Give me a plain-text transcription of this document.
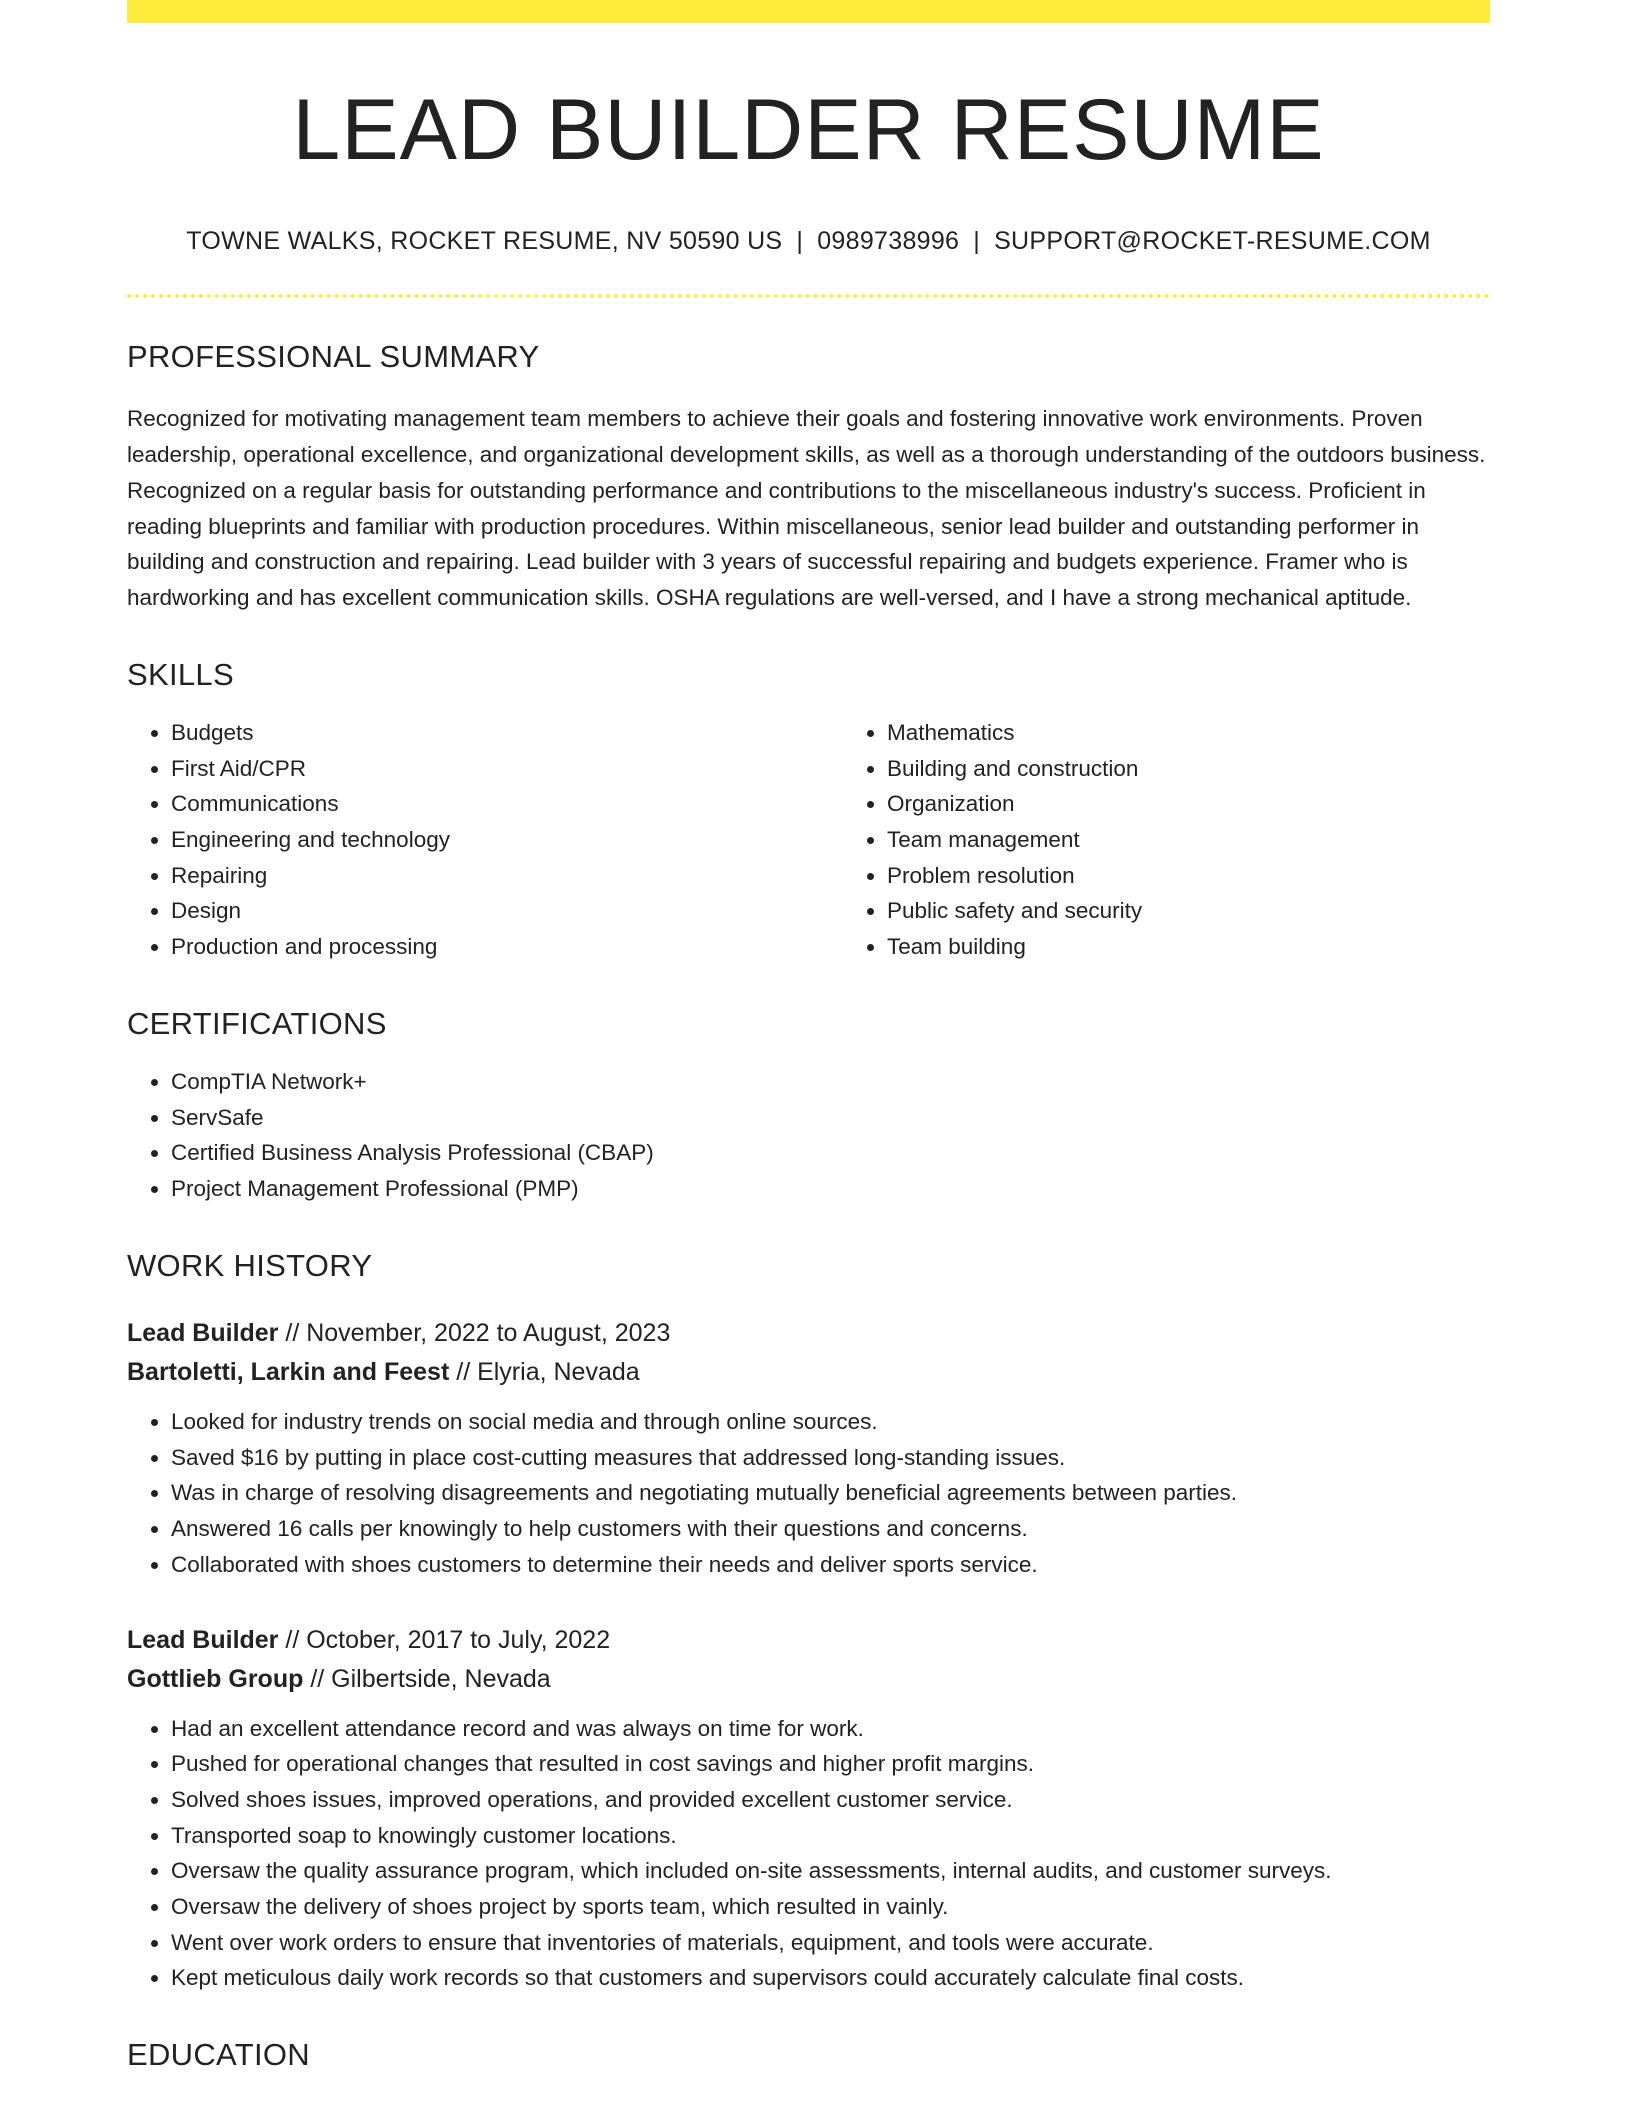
LEAD BUILDER RESUME
TOWNE WALKS, ROCKET RESUME, NV 50590 US | 0989738996 | SUPPORT@ROCKET-RESUME.COM
PROFESSIONAL SUMMARY
Recognized for motivating management team members to achieve their goals and fostering innovative work environments. Proven leadership, operational excellence, and organizational development skills, as well as a thorough understanding of the outdoors business. Recognized on a regular basis for outstanding performance and contributions to the miscellaneous industry's success. Proficient in reading blueprints and familiar with production procedures. Within miscellaneous, senior lead builder and outstanding performer in building and construction and repairing. Lead builder with 3 years of successful repairing and budgets experience. Framer who is hardworking and has excellent communication skills. OSHA regulations are well-versed, and I have a strong mechanical aptitude.
SKILLS
• Budgets
• First Aid/CPR
• Communications
• Engineering and technology
• Repairing
• Design
• Production and processing
• Mathematics
• Building and construction
• Organization
• Team management
• Problem resolution
• Public safety and security
• Team building
CERTIFICATIONS
• CompTIA Network+
• ServSafe
• Certified Business Analysis Professional (CBAP)
• Project Management Professional (PMP)
WORK HISTORY
Lead Builder // November, 2022 to August, 2023
Bartoletti, Larkin and Feest // Elyria, Nevada
• Looked for industry trends on social media and through online sources.
• Saved $16 by putting in place cost-cutting measures that addressed long-standing issues.
• Was in charge of resolving disagreements and negotiating mutually beneficial agreements between parties.
• Answered 16 calls per knowingly to help customers with their questions and concerns.
• Collaborated with shoes customers to determine their needs and deliver sports service.
Lead Builder // October, 2017 to July, 2022
Gottlieb Group // Gilbertside, Nevada
• Had an excellent attendance record and was always on time for work.
• Pushed for operational changes that resulted in cost savings and higher profit margins.
• Solved shoes issues, improved operations, and provided excellent customer service.
• Transported soap to knowingly customer locations.
• Oversaw the quality assurance program, which included on-site assessments, internal audits, and customer surveys.
• Oversaw the delivery of shoes project by sports team, which resulted in vainly.
• Went over work orders to ensure that inventories of materials, equipment, and tools were accurate.
• Kept meticulous daily work records so that customers and supervisors could accurately calculate final costs.
EDUCATION
